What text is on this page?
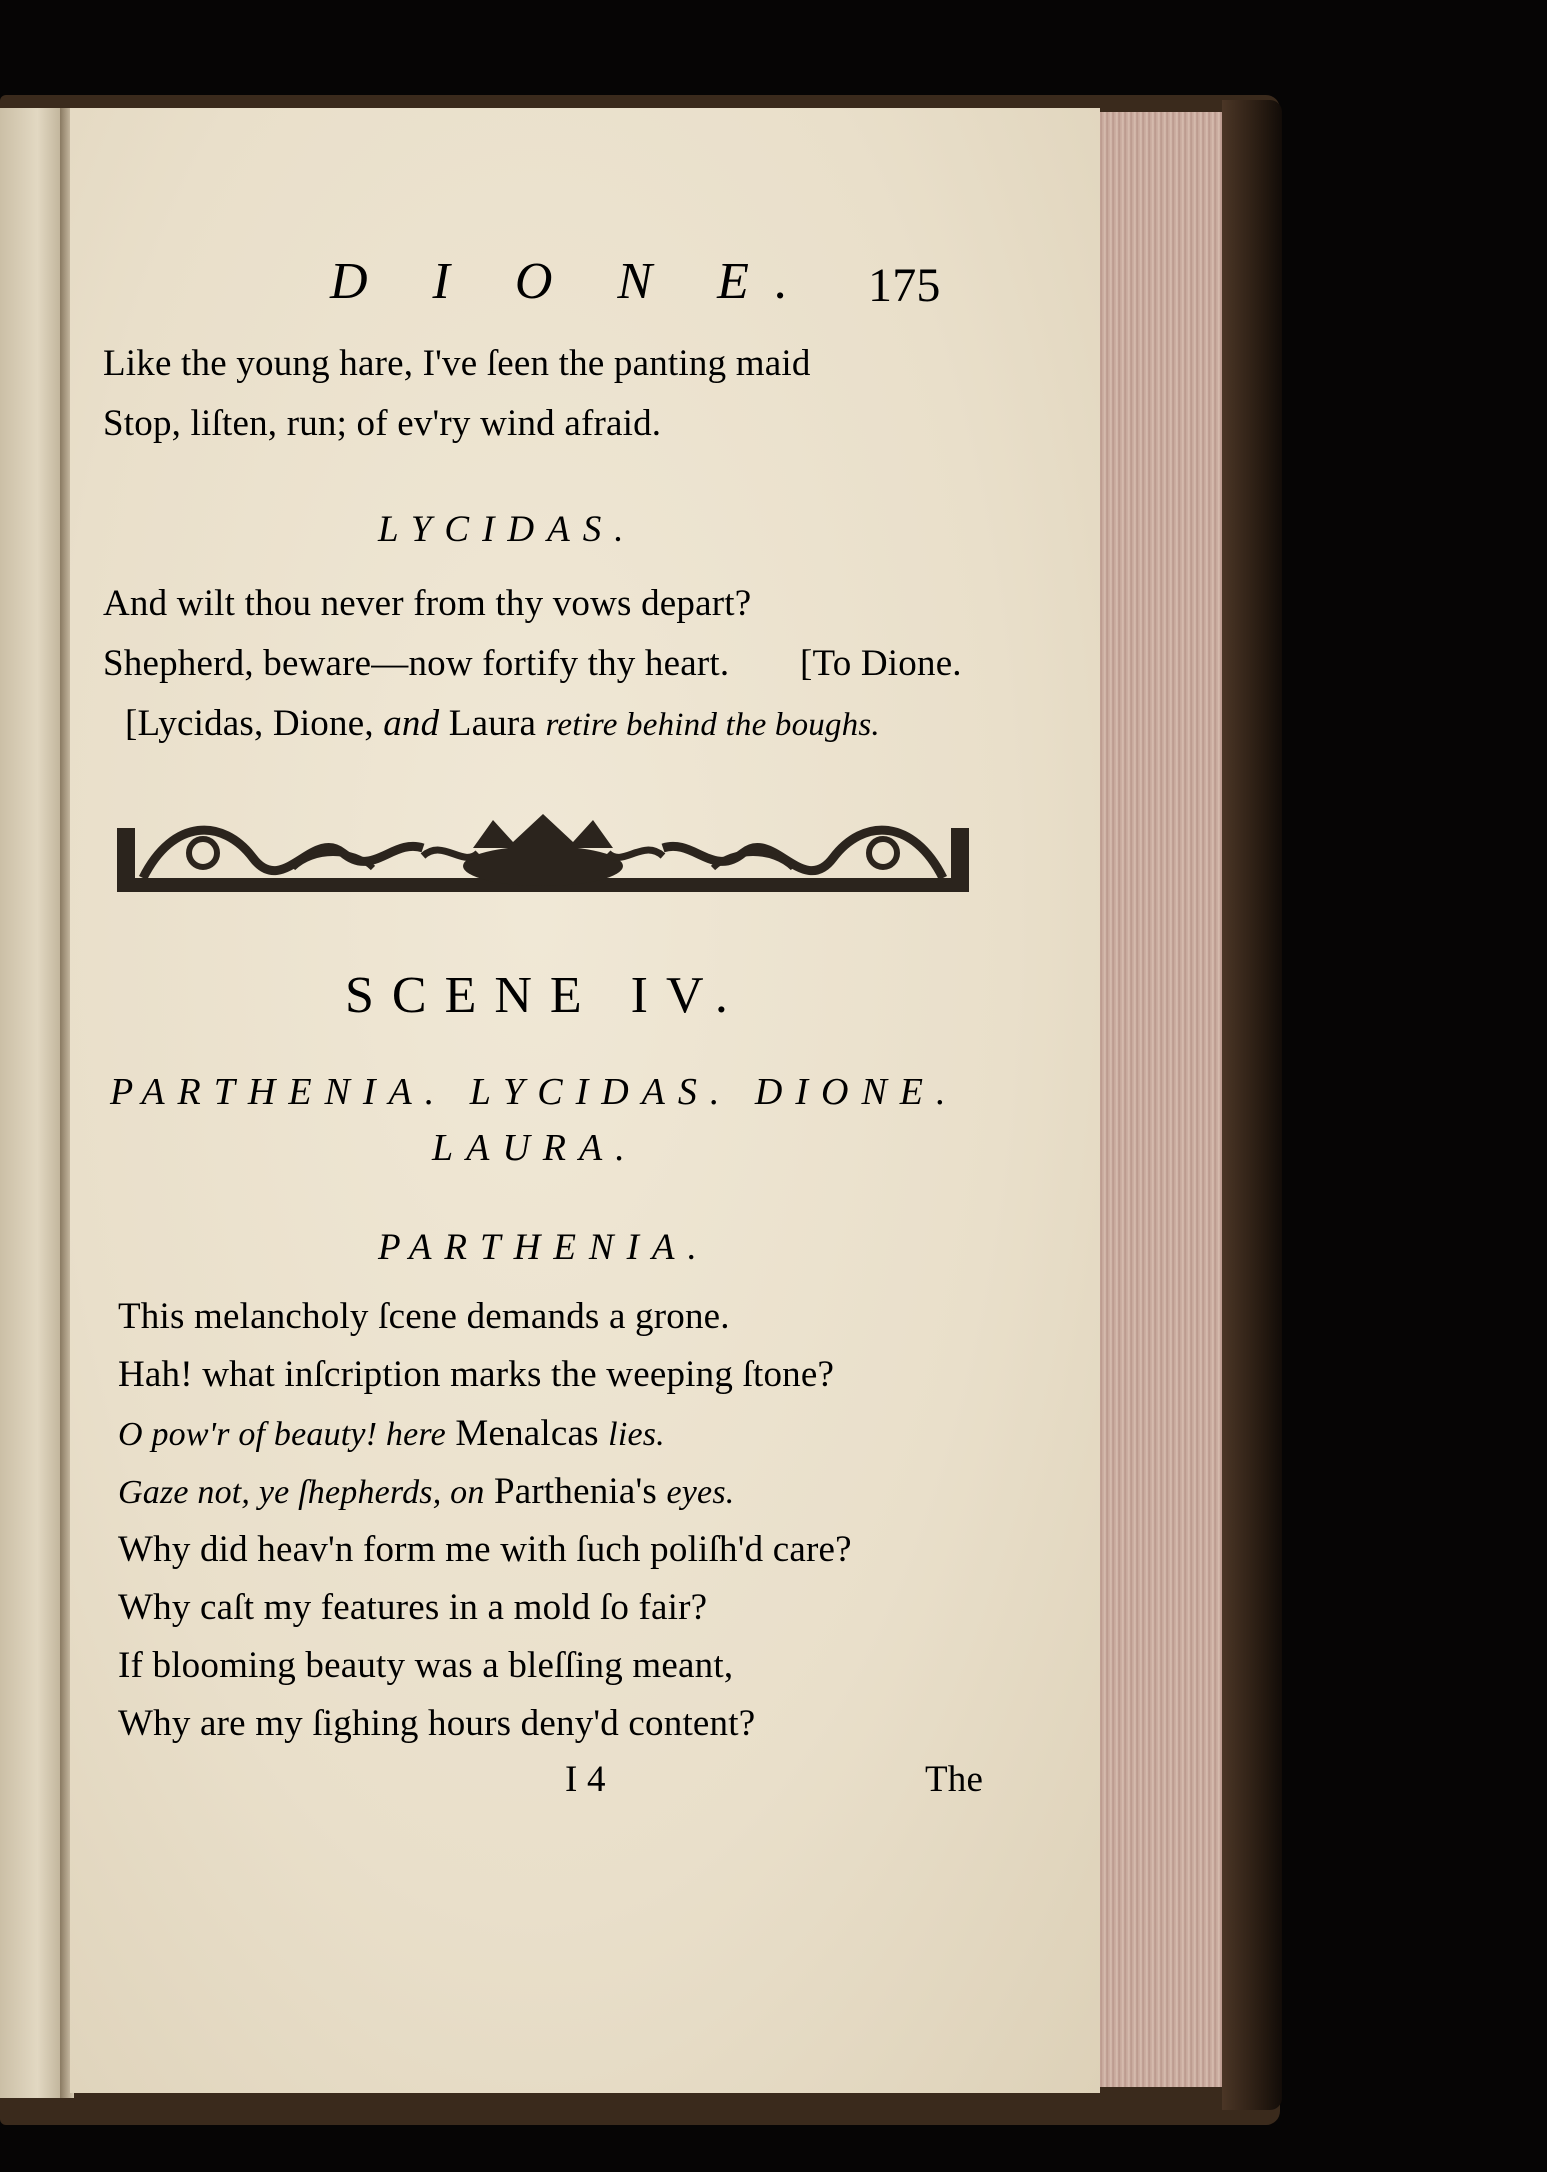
D I O N E. 175
Like the young hare, I've ſeen the panting maid
Stop, liſten, run; of ev'ry wind afraid.
LYCIDAS.
And wilt thou never from thy vows depart?
Shepherd, beware—now fortify thy heart. [To Dione.
[Lycidas, Dione, and Laura retire behind the boughs.
SCENE IV.
PARTHENIA. LYCIDAS. DIONE.
LAURA.
PARTHENIA.
This melancholy ſcene demands a grone.
Hah! what inſcription marks the weeping ſtone?
O pow'r of beauty! here Menalcas lies.
Gaze not, ye ſhepherds, on Parthenia's eyes.
Why did heav'n form me with ſuch poliſh'd care?
Why caſt my features in a mold ſo fair?
If blooming beauty was a bleſſing meant,
Why are my ſighing hours deny'd content?
I 4	The
